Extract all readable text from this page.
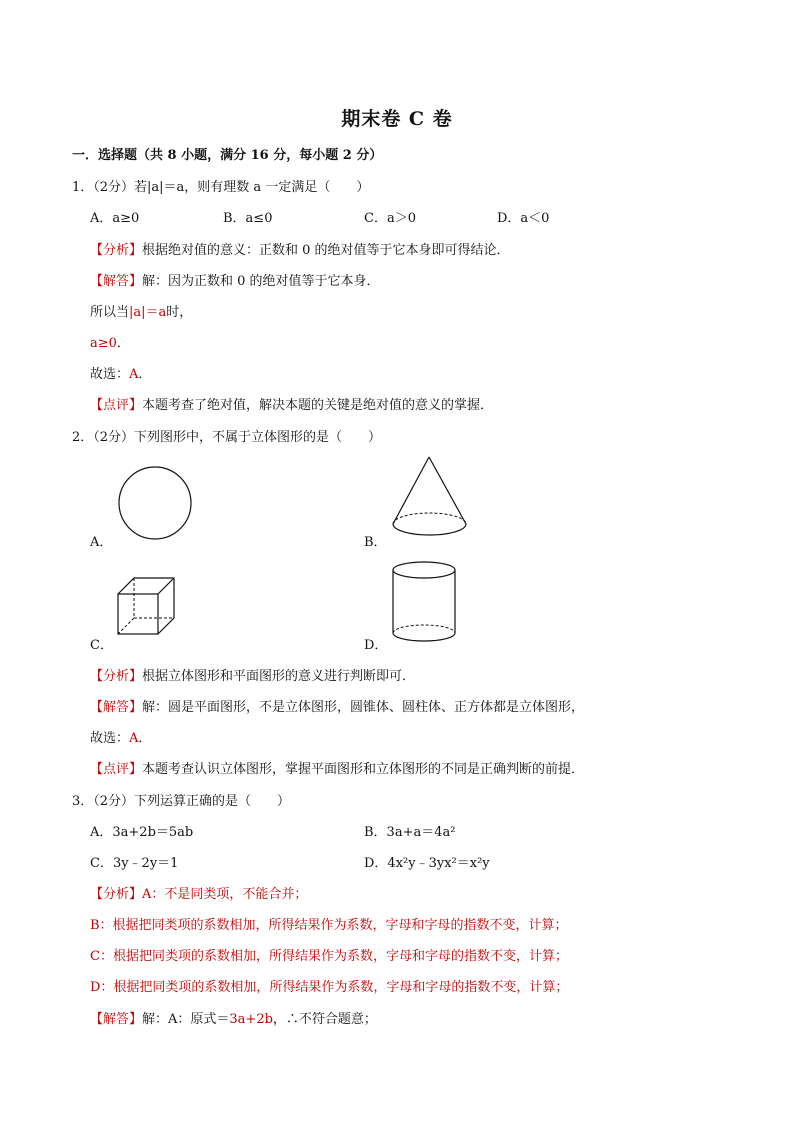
期末卷 C 卷
一．选择题（共 8 小题，满分 16 分，每小题 2 分）
1．（2分）若|a|＝a，则有理数 a 一定满足（　　）
A．a≥0	B．a≤0	C．a＞0	D．a＜0
【分析】根据绝对值的意义：正数和 0 的绝对值等于它本身即可得结论．
【解答】解：因为正数和 0 的绝对值等于它本身．
所以当|a|＝a时，
a≥0．
故选：A．
【点评】本题考查了绝对值，解决本题的关键是绝对值的意义的掌握．
2．（2分）下列图形中，不属于立体图形的是（　　）
A．	B．
C．	D．
【分析】根据立体图形和平面图形的意义进行判断即可．
【解答】解：圆是平面图形，不是立体图形，圆锥体、圆柱体、正方体都是立体图形，
故选：A．
【点评】本题考查认识立体图形，掌握平面图形和立体图形的不同是正确判断的前提．
3．（2分）下列运算正确的是（　　）
A．3a+2b＝5ab	B．3a+a＝4a²
C．3y﹣2y＝1	D．4x²y﹣3yx²＝x²y
【分析】A：不是同类项，不能合并；
B：根据把同类项的系数相加，所得结果作为系数，字母和字母的指数不变，计算；
C：根据把同类项的系数相加，所得结果作为系数，字母和字母的指数不变，计算；
D：根据把同类项的系数相加，所得结果作为系数，字母和字母的指数不变，计算；
【解答】解：A：原式＝3a+2b，∴不符合题意；
